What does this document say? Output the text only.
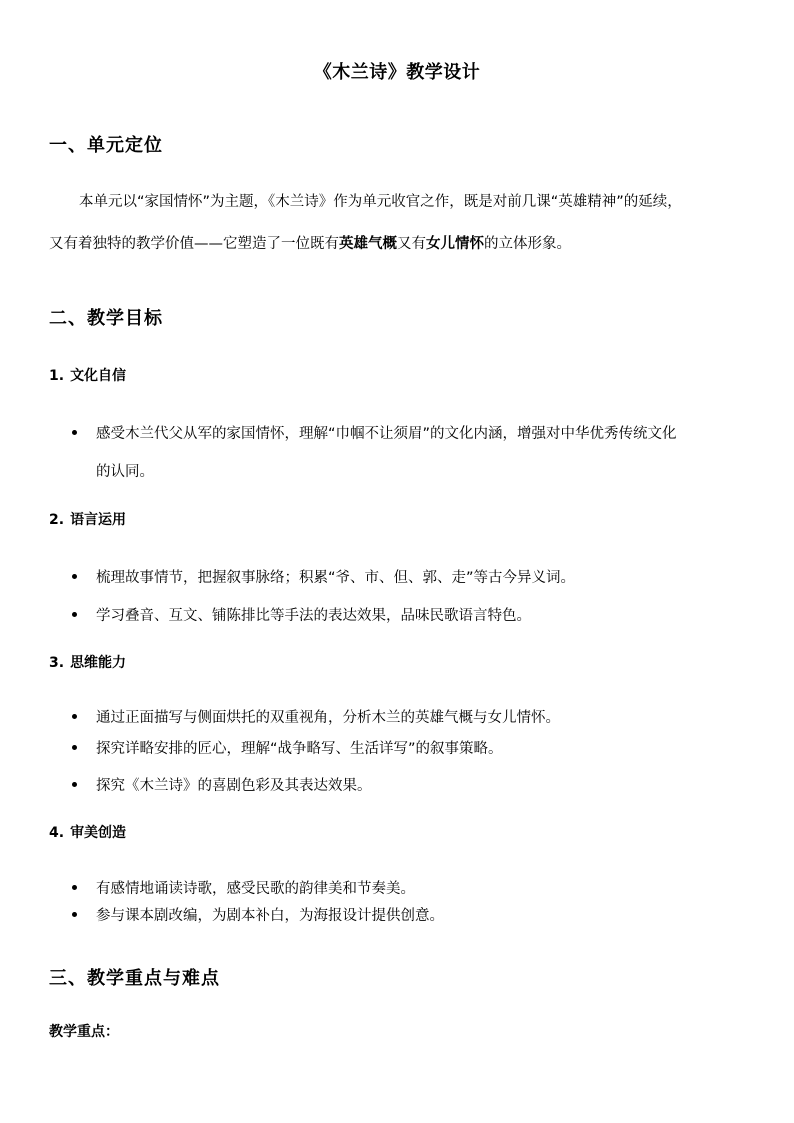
《木兰诗》教学设计
一、单元定位
本单元以“家国情怀”为主题，《木兰诗》作为单元收官之作，既是对前几课“英雄精神”的延续，
又有着独特的教学价值——它塑造了一位既有英雄气概又有女儿情怀的立体形象。
二、教学目标
1. 文化自信
感受木兰代父从军的家国情怀，理解“巾帼不让须眉”的文化内涵，增强对中华优秀传统文化
的认同。
2. 语言运用
梳理故事情节，把握叙事脉络；积累“爷、市、但、郭、走”等古今异义词。
学习叠音、互文、铺陈排比等手法的表达效果，品味民歌语言特色。
3. 思维能力
通过正面描写与侧面烘托的双重视角，分析木兰的英雄气概与女儿情怀。
探究详略安排的匠心，理解“战争略写、生活详写”的叙事策略。
探究《木兰诗》的喜剧色彩及其表达效果。
4. 审美创造
有感情地诵读诗歌，感受民歌的韵律美和节奏美。
参与课本剧改编，为剧本补白，为海报设计提供创意。
三、教学重点与难点
教学重点：
